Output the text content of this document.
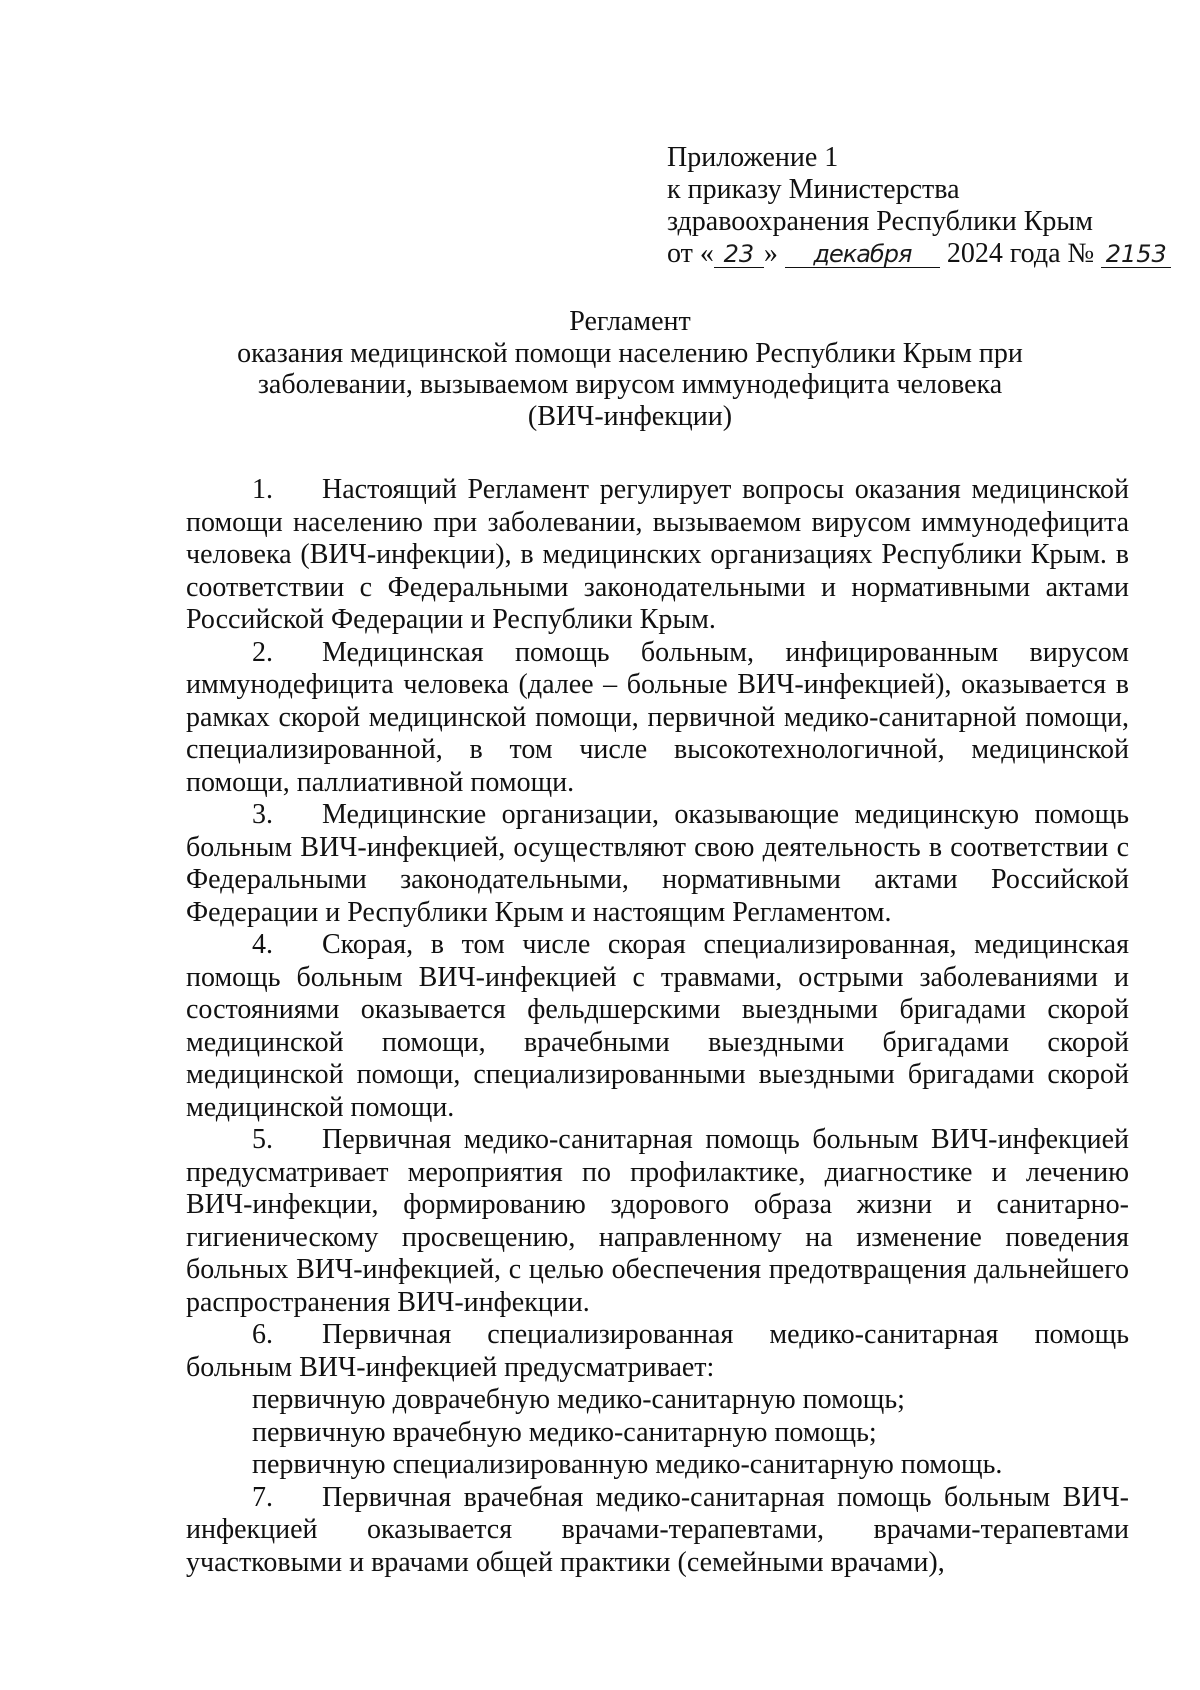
Приложение 1
к приказу Министерства
здравоохранения Республики Крым
от « 23 » декабря 2024 года № 2153
Регламент
оказания медицинской помощи населению Республики Крым при
заболевании, вызываемом вирусом иммунодефицита человека
(ВИЧ-инфекции)

1. Настоящий Регламент регулирует вопросы оказания медицинской помощи населению при заболевании, вызываемом вирусом иммунодефицита человека (ВИЧ-инфекции), в медицинских организациях Республики Крым. в соответствии с Федеральными законодательными и нормативными актами Российской Федерации и Республики Крым.

2. Медицинская помощь больным, инфицированным вирусом иммунодефицита человека (далее – больные ВИЧ-инфекцией), оказывается в рамках скорой медицинской помощи, первичной медико-санитарной помощи, специализированной, в том числе высокотехнологичной, медицинской помощи, паллиативной помощи.

3. Медицинские организации, оказывающие медицинскую помощь больным ВИЧ-инфекцией, осуществляют свою деятельность в соответствии с Федеральными законодательными, нормативными актами Российской Федерации и Республики Крым и настоящим Регламентом.

4. Скорая, в том числе скорая специализированная, медицинская помощь больным ВИЧ-инфекцией с травмами, острыми заболеваниями и состояниями оказывается фельдшерскими выездными бригадами скорой медицинской помощи, врачебными выездными бригадами скорой медицинской помощи, специализированными выездными бригадами скорой медицинской помощи.

5. Первичная медико-санитарная помощь больным ВИЧ-инфекцией предусматривает мероприятия по профилактике, диагностике и лечению ВИЧ-инфекции, формированию здорового образа жизни и санитарно-гигиеническому просвещению, направленному на изменение поведения больных ВИЧ-инфекцией, с целью обеспечения предотвращения дальнейшего распространения ВИЧ-инфекции.

6. Первичная специализированная медико-санитарная помощь больным ВИЧ-инфекцией предусматривает:

первичную доврачебную медико-санитарную помощь;

первичную врачебную медико-санитарную помощь;

первичную специализированную медико-санитарную помощь.

7. Первичная врачебная медико-санитарная помощь больным ВИЧ-инфекцией оказывается врачами-терапевтами, врачами-терапевтами участковыми и врачами общей практики (семейными врачами),
